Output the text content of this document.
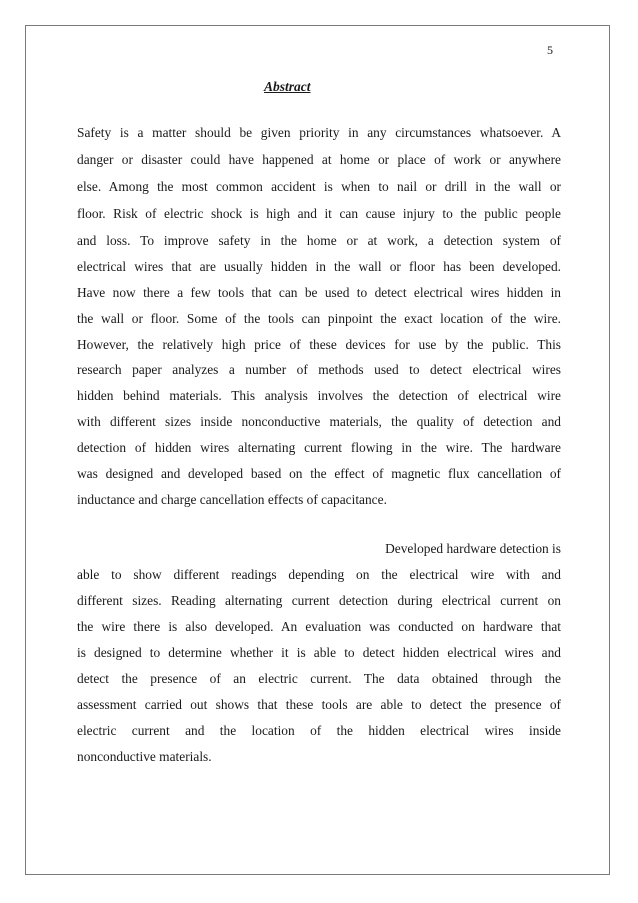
5
Abstract
Safety is a matter should be given priority in any circumstances whatsoever. A
danger or disaster could have happened at home or place of work or anywhere
else. Among the most common accident is when to nail or drill in the wall or
floor. Risk of electric shock is high and it can cause injury to the public people
and loss. To improve safety in the home or at work, a detection system of
electrical wires that are usually hidden in the wall or floor has been developed.
Have now there a few tools that can be used to detect electrical wires hidden in
the wall or floor. Some of the tools can pinpoint the exact location of the wire.
However, the relatively high price of these devices for use by the public. This
research paper analyzes a number of methods used to detect electrical wires
hidden behind materials. This analysis involves the detection of electrical wire
with different sizes inside nonconductive materials, the quality of detection and
detection of hidden wires alternating current flowing in the wire. The hardware
was designed and developed based on the effect of magnetic flux cancellation of
inductance and charge cancellation effects of capacitance.
Developed hardware detection is
able to show different readings depending on the electrical wire with and
different sizes. Reading alternating current detection during electrical current on
the wire there is also developed. An evaluation was conducted on hardware that
is designed to determine whether it is able to detect hidden electrical wires and
detect the presence of an electric current. The data obtained through the
assessment carried out shows that these tools are able to detect the presence of
electric current and the location of the hidden electrical wires inside
nonconductive materials.
